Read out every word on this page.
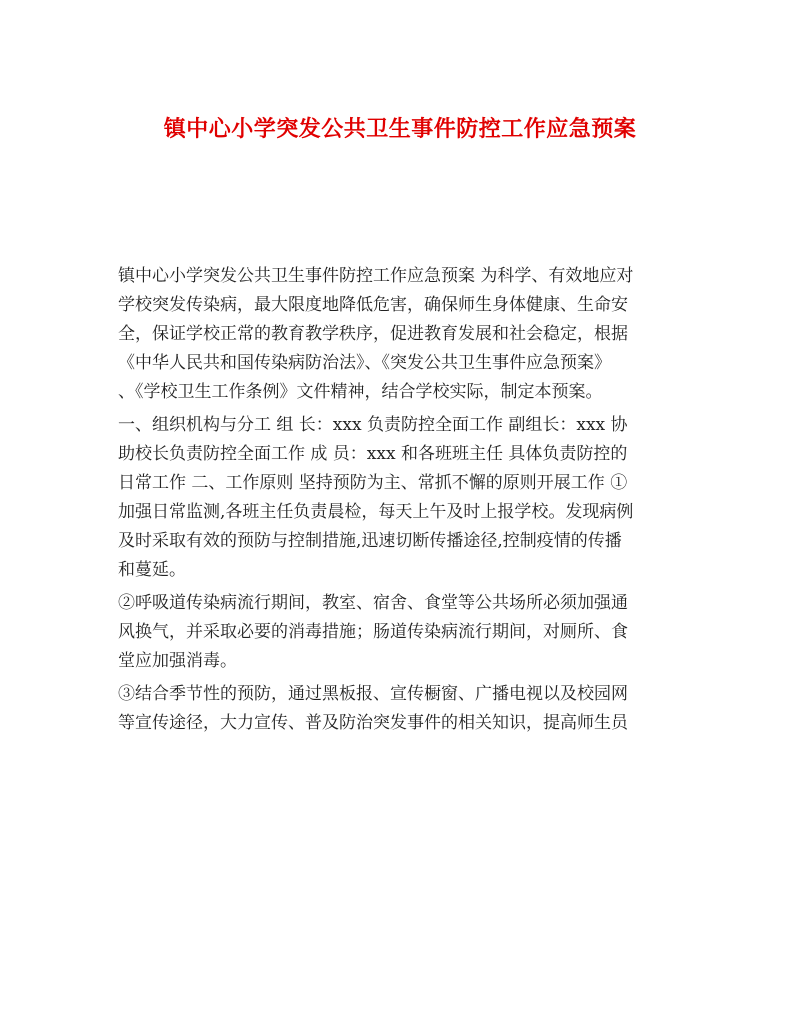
镇中心小学突发公共卫生事件防控工作应急预案

镇中心小学突发公共卫生事件防控工作应急预案 为科学、有效地应对
学校突发传染病，最大限度地降低危害，确保师生身体健康、生命安
全，保证学校正常的教育教学秩序，促进教育发展和社会稳定，根据
《中华人民共和国传染病防治法》、《突发公共卫生事件应急预案》
、《学校卫生工作条例》文件精神，结合学校实际，制定本预案。

一、组织机构与分工 组 长：xxx 负责防控全面工作 副组长：xxx 协
助校长负责防控全面工作 成 员：xxx 和各班班主任 具体负责防控的
日常工作 二、工作原则 坚持预防为主、常抓不懈的原则开展工作 ①
加强日常监测,各班主任负责晨检，每天上午及时上报学校。发现病例
及时采取有效的预防与控制措施,迅速切断传播途径,控制疫情的传播
和蔓延。

②呼吸道传染病流行期间，教室、宿舍、食堂等公共场所必须加强通
风换气，并采取必要的消毒措施；肠道传染病流行期间，对厕所、食
堂应加强消毒。

③结合季节性的预防，通过黑板报、宣传橱窗、广播电视以及校园网
等宣传途径，大力宣传、普及防治突发事件的相关知识，提高师生员
